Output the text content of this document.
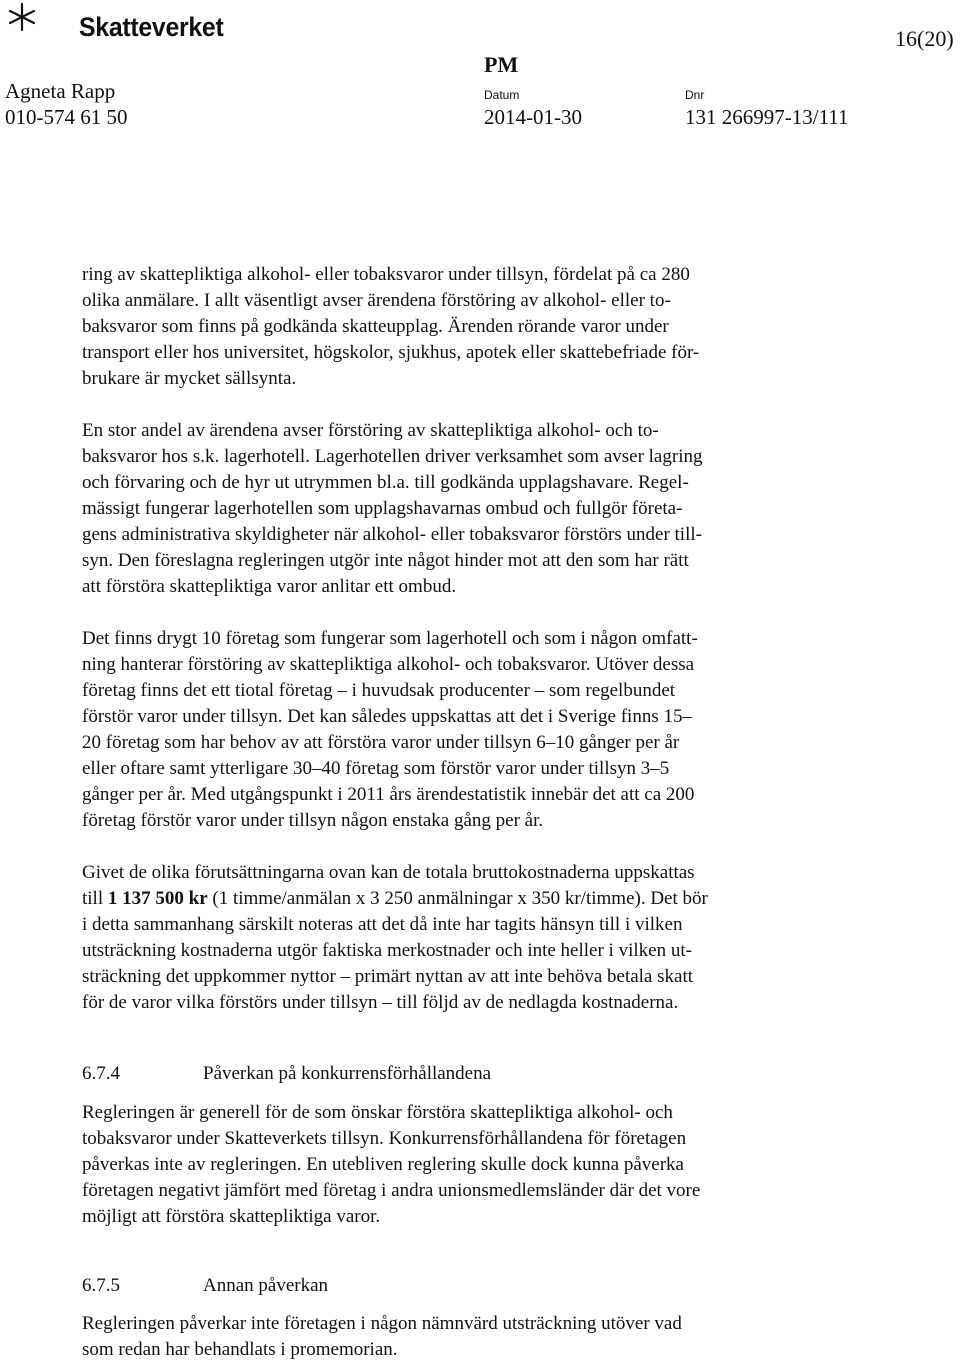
Skatteverket	16(20)
Agneta Rapp
010-574 61 50
PM
Datum	Dnr
2014-01-30	131 266997-13/111
ring av skattepliktiga alkohol- eller tobaksvaror under tillsyn, fördelat på ca 280
olika anmälare. I allt väsentligt avser ärendena förstöring av alkohol- eller to-
baksvaror som finns på godkända skatteupplag. Ärenden rörande varor under
transport eller hos universitet, högskolor, sjukhus, apotek eller skattebefriade för-
brukare är mycket sällsynta.
En stor andel av ärendena avser förstöring av skattepliktiga alkohol- och to-
baksvaror hos s.k. lagerhotell. Lagerhotellen driver verksamhet som avser lagring
och förvaring och de hyr ut utrymmen bl.a. till godkända upplagshavare. Regel-
mässigt fungerar lagerhotellen som upplagshavarnas ombud och fullgör företa-
gens administrativa skyldigheter när alkohol- eller tobaksvaror förstörs under till-
syn. Den föreslagna regleringen utgör inte något hinder mot att den som har rätt
att förstöra skattepliktiga varor anlitar ett ombud.
Det finns drygt 10 företag som fungerar som lagerhotell och som i någon omfatt-
ning hanterar förstöring av skattepliktiga alkohol- och tobaksvaror. Utöver dessa
företag finns det ett tiotal företag – i huvudsak producenter – som regelbundet
förstör varor under tillsyn. Det kan således uppskattas att det i Sverige finns 15–
20 företag som har behov av att förstöra varor under tillsyn 6–10 gånger per år
eller oftare samt ytterligare 30–40 företag som förstör varor under tillsyn 3–5
gånger per år. Med utgångspunkt i 2011 års ärendestatistik innebär det att ca 200
företag förstör varor under tillsyn någon enstaka gång per år.
Givet de olika förutsättningarna ovan kan de totala bruttokostnaderna uppskattas
till 1 137 500 kr (1 timme/anmälan x 3 250 anmälningar x 350 kr/timme). Det bör
i detta sammanhang särskilt noteras att det då inte har tagits hänsyn till i vilken
utsträckning kostnaderna utgör faktiska merkostnader och inte heller i vilken ut-
sträckning det uppkommer nyttor – primärt nyttan av att inte behöva betala skatt
för de varor vilka förstörs under tillsyn – till följd av de nedlagda kostnaderna.
6.7.4	Påverkan på konkurrensförhållandena
Regleringen är generell för de som önskar förstöra skattepliktiga alkohol- och
tobaksvaror under Skatteverkets tillsyn. Konkurrensförhållandena för företagen
påverkas inte av regleringen. En utebliven reglering skulle dock kunna påverka
företagen negativt jämfört med företag i andra unionsmedlemsländer där det vore
möjligt att förstöra skattepliktiga varor.
6.7.5	Annan påverkan
Regleringen påverkar inte företagen i någon nämnvärd utsträckning utöver vad
som redan har behandlats i promemorian.
